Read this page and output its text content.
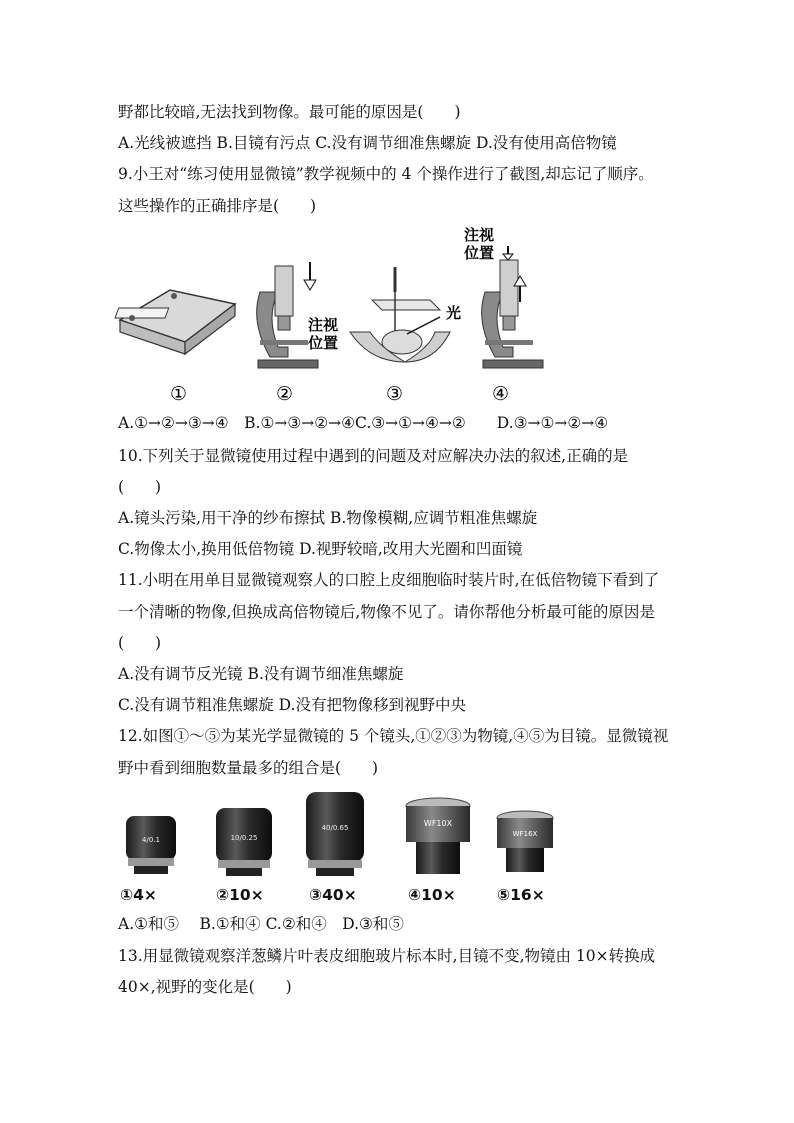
野都比较暗,无法找到物像。最可能的原因是(　　)
A.光线被遮挡 B.目镜有污点 C.没有调节细准焦螺旋 D.没有使用高倍物镜
9.小王对“练习使用显微镜”教学视频中的 4 个操作进行了截图,却忘记了顺序。
这些操作的正确排序是(　　)
注视位置
光
注视位置
①	②	③	④
A.①→②→③→④　B.①→③→②→④C.③→①→④→②　　D.③→①→②→④
10.下列关于显微镜使用过程中遇到的问题及对应解决办法的叙述,正确的是
(　　)
A.镜头污染,用干净的纱布擦拭 B.物像模糊,应调节粗准焦螺旋
C.物像太小,换用低倍物镜 D.视野较暗,改用大光圈和凹面镜
11.小明在用单目显微镜观察人的口腔上皮细胞临时装片时,在低倍物镜下看到了
一个清晰的物像,但换成高倍物镜后,物像不见了。请你帮他分析最可能的原因是
(　　)
A.没有调节反光镜 B.没有调节细准焦螺旋
C.没有调节粗准焦螺旋 D.没有把物像移到视野中央
12.如图①～⑤为某光学显微镜的 5 个镜头,①②③为物镜,④⑤为目镜。显微镜视
野中看到细胞数量最多的组合是(　　)
4/0.1	10/0.25
40/0.65	WF10X
WF16X
①4×	②10×	③40×	④10×	⑤16×
A.①和⑤　 B.①和④ C.②和④　D.③和⑤
13.用显微镜观察洋葱鳞片叶表皮细胞玻片标本时,目镜不变,物镜由 10×转换成
40×,视野的变化是(　　)
